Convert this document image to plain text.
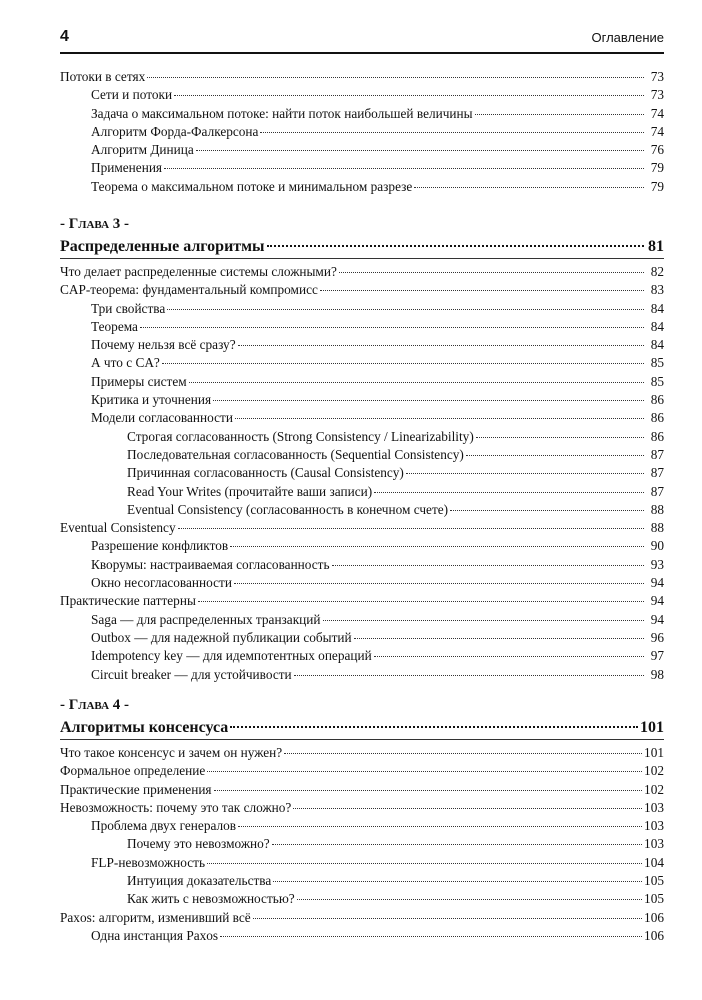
4	Оглавление
Потоки в сетях	73
Сети и потоки	73
Задача о максимальном потоке: найти поток наибольшей величины	74
Алгоритм Форда-Фалкерсона	74
Алгоритм Диница	76
Применения	79
Теорема о максимальном потоке и минимальном разрезе	79
- Глава 3 -
Распределенные алгоритмы	81
Что делает распределенные системы сложными?	82
CAP-теорема: фундаментальный компромисс	83
Три свойства	84
Теорема	84
Почему нельзя всё сразу?	84
А что с CA?	85
Примеры систем	85
Критика и уточнения	86
Модели согласованности	86
Строгая согласованность (Strong Consistency / Linearizability)	86
Последовательная согласованность (Sequential Consistency)	87
Причинная согласованность (Causal Consistency)	87
Read Your Writes (прочитайте ваши записи)	87
Eventual Consistency (согласованность в конечном счете)	88
Eventual Consistency	88
Разрешение конфликтов	90
Кворумы: настраиваемая согласованность	93
Окно несогласованности	94
Практические паттерны	94
Saga — для распределенных транзакций	94
Outbox — для надежной публикации событий	96
Idempotency key — для идемпотентных операций	97
Circuit breaker — для устойчивости	98
- Глава 4 -
Алгоритмы консенсуса	101
Что такое консенсус и зачем он нужен?	101
Формальное определение	102
Практические применения	102
Невозможность: почему это так сложно?	103
Проблема двух генералов	103
Почему это невозможно?	103
FLP-невозможность	104
Интуиция доказательства	105
Как жить с невозможностью?	105
Paxos: алгоритм, изменивший всё	106
Одна инстанция Paxos	106
